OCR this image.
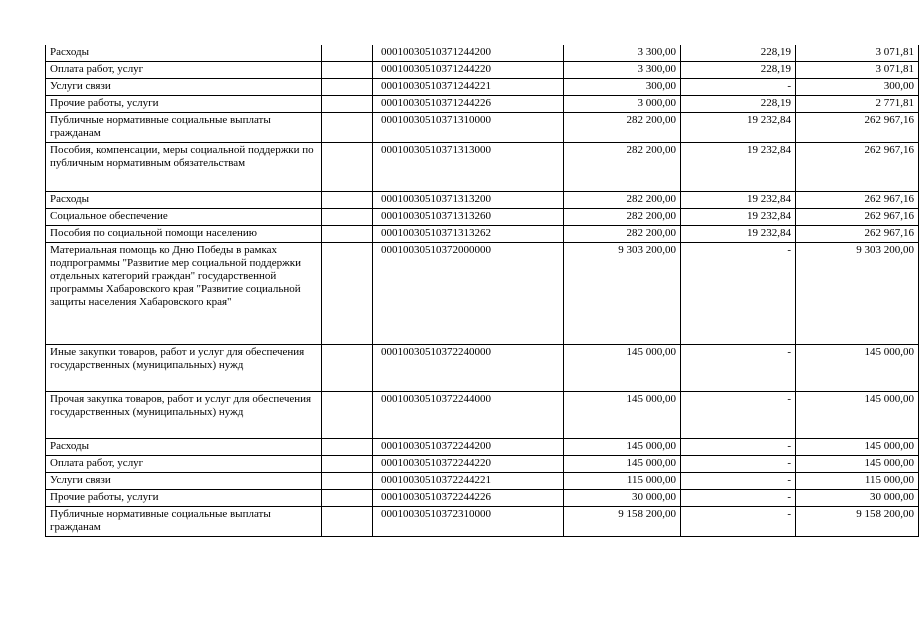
Расходы		00010030510371244200	3 300,00	228,19	3 071,81
Оплата работ, услуг		00010030510371244220	3 300,00	228,19	3 071,81
Услуги связи		00010030510371244221	300,00	-	300,00
Прочие работы, услуги		00010030510371244226	3 000,00	228,19	2 771,81
Публичные нормативные социальные выплаты гражданам		00010030510371310000	282 200,00	19 232,84	262 967,16
Пособия, компенсации, меры социальной поддержки по публичным нормативным обязательствам		00010030510371313000	282 200,00	19 232,84	262 967,16
Расходы		00010030510371313200	282 200,00	19 232,84	262 967,16
Социальное обеспечение		00010030510371313260	282 200,00	19 232,84	262 967,16
Пособия по социальной помощи населению		00010030510371313262	282 200,00	19 232,84	262 967,16
Материальная помощь ко Дню Победы в рамках подпрограммы "Развитие мер социальной поддержки отдельных категорий граждан" государственной программы Хабаровского края "Развитие социальной защиты населения Хабаровского края"		00010030510372000000	9 303 200,00	-	9 303 200,00
Иные закупки товаров, работ и услуг для обеспечения государственных (муниципальных) нужд		00010030510372240000	145 000,00	-	145 000,00
Прочая закупка товаров, работ и услуг для обеспечения государственных (муниципальных) нужд		00010030510372244000	145 000,00	-	145 000,00
Расходы		00010030510372244200	145 000,00	-	145 000,00
Оплата работ, услуг		00010030510372244220	145 000,00	-	145 000,00
Услуги связи		00010030510372244221	115 000,00	-	115 000,00
Прочие работы, услуги		00010030510372244226	30 000,00	-	30 000,00
Публичные нормативные социальные выплаты гражданам		00010030510372310000	9 158 200,00	-	9 158 200,00
